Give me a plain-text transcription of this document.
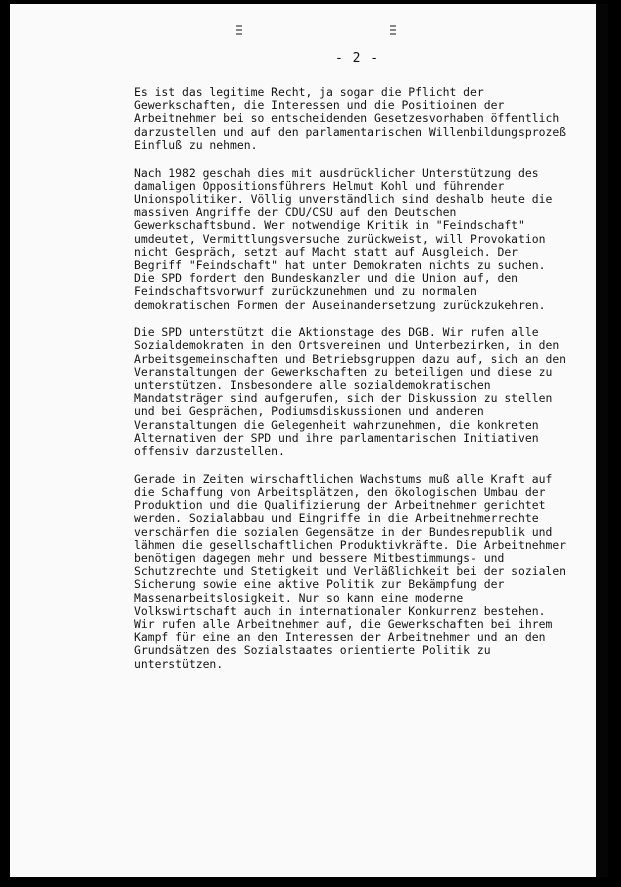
- 2 -

Es ist das legitime Recht, ja sogar die Pflicht der
Gewerkschaften, die Interessen und die Positioinen der
Arbeitnehmer bei so entscheidenden Gesetzesvorhaben öffentlich
darzustellen und auf den parlamentarischen Willenbildungsprozeß
Einfluß zu nehmen.

Nach 1982 geschah dies mit ausdrücklicher Unterstützung des
damaligen Oppositionsführers Helmut Kohl und führender
Unionspolitiker. Völlig unverständlich sind deshalb heute die
massiven Angriffe der CDU/CSU auf den Deutschen
Gewerkschaftsbund. Wer notwendige Kritik in "Feindschaft"
umdeutet, Vermittlungsversuche zurückweist, will Provokation
nicht Gespräch, setzt auf Macht statt auf Ausgleich. Der
Begriff "Feindschaft" hat unter Demokraten nichts zu suchen.
Die SPD fordert den Bundeskanzler und die Union auf, den
Feindschaftsvorwurf zurückzunehmen und zu normalen
demokratischen Formen der Auseinandersetzung zurückzukehren.

Die SPD unterstützt die Aktionstage des DGB. Wir rufen alle
Sozialdemokraten in den Ortsvereinen und Unterbezirken, in den
Arbeitsgemeinschaften und Betriebsgruppen dazu auf, sich an den
Veranstaltungen der Gewerkschaften zu beteiligen und diese zu
unterstützen. Insbesondere alle sozialdemokratischen
Mandatsträger sind aufgerufen, sich der Diskussion zu stellen
und bei Gesprächen, Podiumsdiskussionen und anderen
Veranstaltungen die Gelegenheit wahrzunehmen, die konkreten
Alternativen der SPD und ihre parlamentarischen Initiativen
offensiv darzustellen.

Gerade in Zeiten wirschaftlichen Wachstums muß alle Kraft auf
die Schaffung von Arbeitsplätzen, den ökologischen Umbau der
Produktion und die Qualifizierung der Arbeitnehmer gerichtet
werden. Sozialabbau und Eingriffe in die Arbeitnehmerrechte
verschärfen die sozialen Gegensätze in der Bundesrepublik und
lähmen die gesellschaftlichen Produktivkräfte. Die Arbeitnehmer
benötigen dagegen mehr und bessere Mitbestimmungs- und
Schutzrechte und Stetigkeit und Verläßlichkeit bei der sozialen
Sicherung sowie eine aktive Politik zur Bekämpfung der
Massenarbeitslosigkeit. Nur so kann eine moderne
Volkswirtschaft auch in internationaler Konkurrenz bestehen.
Wir rufen alle Arbeitnehmer auf, die Gewerkschaften bei ihrem
Kampf für eine an den Interessen der Arbeitnehmer und an den
Grundsätzen des Sozialstaates orientierte Politik zu
unterstützen.
